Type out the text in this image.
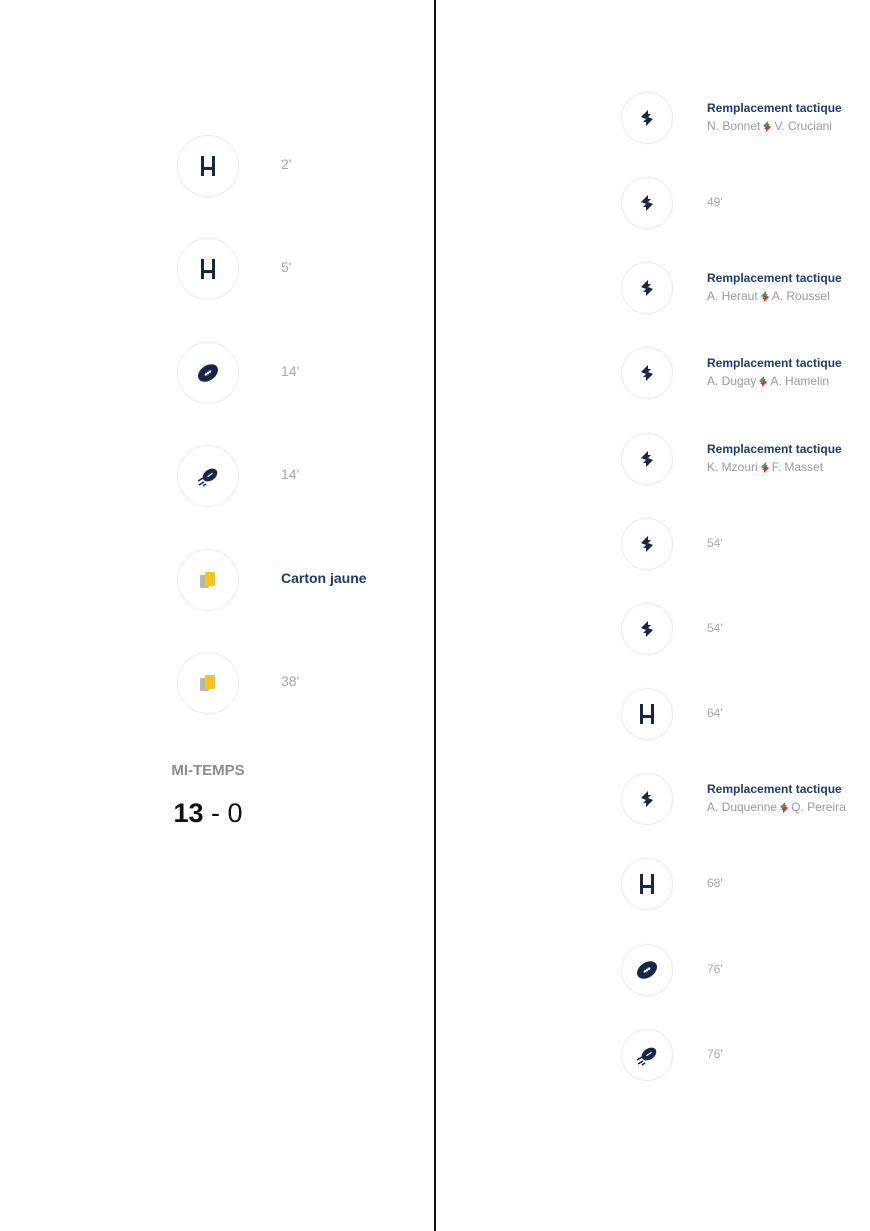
2'
5'
14'
14'
Carton jaune
38'
MI-TEMPS
13 - 0
Remplacement tactique
N. Bonnet V. Cruciani
49'
Remplacement tactique
A. Heraut A. Roussel
Remplacement tactique
A. Dugay A. Hamelin
Remplacement tactique
K. Mzouri F. Masset
54'
54'
64'
Remplacement tactique
A. Duquenne Q. Pereira
68'
76'
76'
